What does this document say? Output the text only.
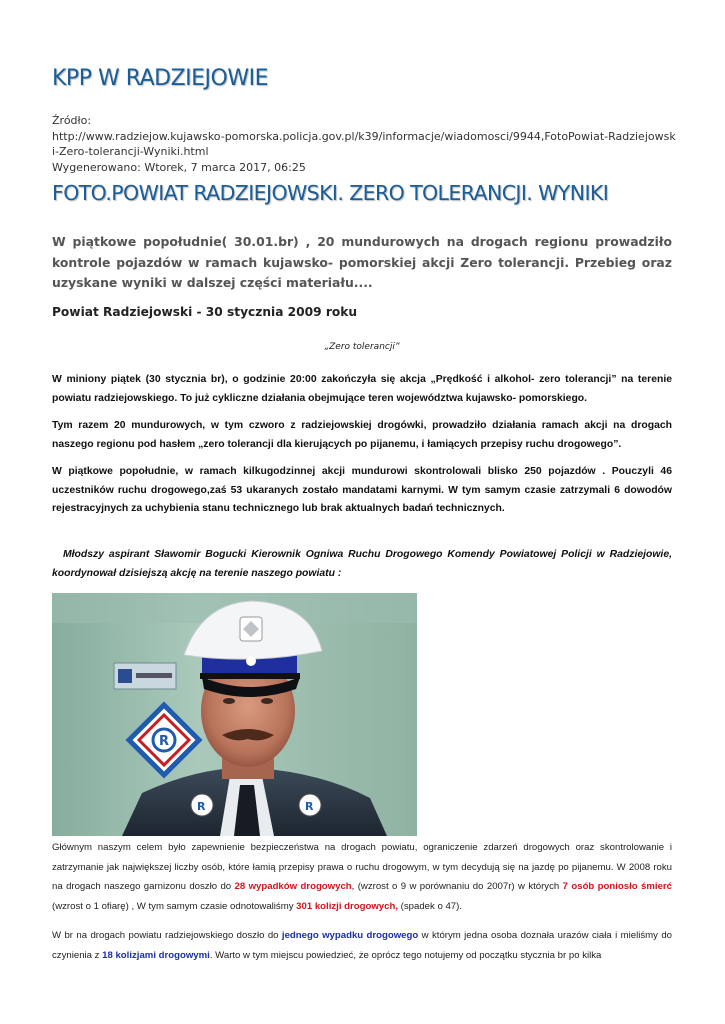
KPP W RADZIEJOWIE
Źródło:
http://www.radziejow.kujawsko-pomorska.policja.gov.pl/k39/informacje/wiadomosci/9944,FotoPowiat-Radziejowski-Zero-tolerancji-Wyniki.html
Wygenerowano: Wtorek, 7 marca 2017, 06:25
FOTO.POWIAT RADZIEJOWSKI. ZERO TOLERANCJI. WYNIKI
W piątkowe popołudnie( 30.01.br) , 20 mundurowych na drogach regionu prowadziło kontrole pojazdów w ramach kujawsko- pomorskiej akcji Zero tolerancji. Przebieg oraz uzyskane wyniki w dalszej części materiału....
Powiat Radziejowski - 30 stycznia 2009 roku
„Zero tolerancji”
W miniony piątek (30 stycznia br), o godzinie 20:00 zakończyła się akcja „Prędkość i alkohol- zero tolerancji” na terenie powiatu radziejowskiego. To już cykliczne działania obejmujące teren województwa kujawsko- pomorskiego.
Tym razem 20 mundurowych, w tym czworo z radziejowskiej drogówki, prowadziło działania ramach akcji na drogach naszego regionu pod hasłem „zero tolerancji dla kierujących po pijanemu, i łamiących przepisy ruchu drogowego”.
W piątkowe popołudnie, w ramach kilkugodzinnej akcji mundurowi skontrolowali blisko 250 pojazdów . Pouczyli 46 uczestników ruchu drogowego,zaś 53 ukaranych zostało mandatami karnymi. W tym samym czasie zatrzymali 6 dowodów rejestracyjnych za uchybienia stanu technicznego lub brak aktualnych badań technicznych.
Młodszy aspirant Sławomir Bogucki Kierownik Ogniwa Ruchu Drogowego Komendy Powiatowej Policji w Radziejowie, koordynował dzisiejszą akcję na terenie naszego powiatu :
R
R	R
Głównym naszym celem było zapewnienie bezpieczeństwa na drogach powiatu, ograniczenie zdarzeń drogowych oraz skontrolowanie i zatrzymanie jak największej liczby osób, które łamią przepisy prawa o ruchu drogowym, w tym decydują się na jazdę po pijanemu. W 2008 roku na drogach naszego garnizonu doszło do 28 wypadków drogowych, (wzrost o 9 w porównaniu do 2007r) w których 7 osób poniosło śmierć (wzrost o 1 ofiarę) , W tym samym czasie odnotowaliśmy 301 kolizji drogowych, (spadek o 47).
W br na drogach powiatu radziejowskiego doszło do jednego wypadku drogowego w którym jedna osoba doznała urazów ciała i mieliśmy do czynienia z 18 kolizjami drogowymi. Warto w tym miejscu powiedzieć, że oprócz tego notujemy od początku stycznia br po kilka
